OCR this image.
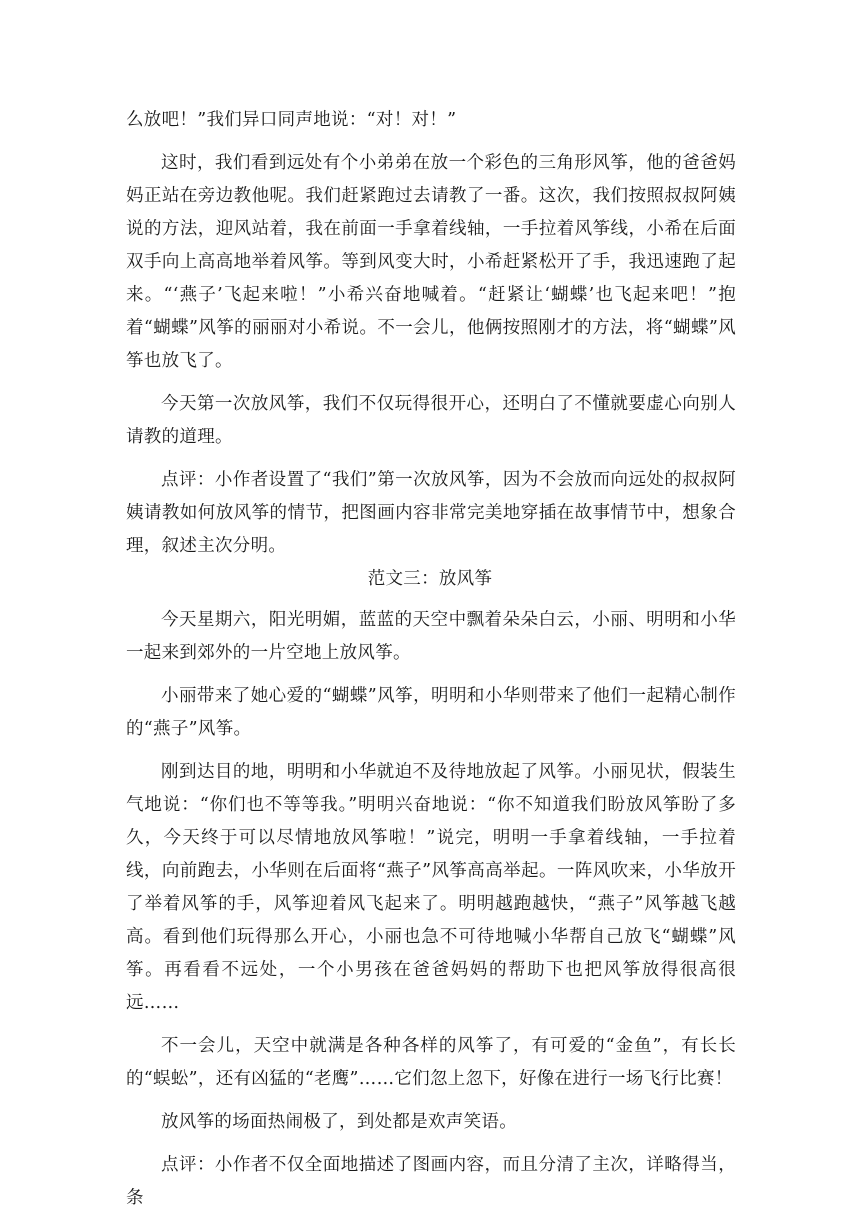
么放吧！”我们异口同声地说：“对！对！”

这时，我们看到远处有个小弟弟在放一个彩色的三角形风筝，他的爸爸妈妈正站在旁边教他呢。我们赶紧跑过去请教了一番。这次，我们按照叔叔阿姨说的方法，迎风站着，我在前面一手拿着线轴，一手拉着风筝线，小希在后面双手向上高高地举着风筝。等到风变大时，小希赶紧松开了手，我迅速跑了起来。“‘燕子’飞起来啦！”小希兴奋地喊着。“赶紧让‘蝴蝶’也飞起来吧！”抱着“蝴蝶”风筝的丽丽对小希说。不一会儿，他俩按照刚才的方法，将“蝴蝶”风筝也放飞了。

今天第一次放风筝，我们不仅玩得很开心，还明白了不懂就要虚心向别人请教的道理。

点评：小作者设置了“我们”第一次放风筝，因为不会放而向远处的叔叔阿姨请教如何放风筝的情节，把图画内容非常完美地穿插在故事情节中，想象合理，叙述主次分明。

范文三：放风筝

今天星期六，阳光明媚，蓝蓝的天空中飘着朵朵白云，小丽、明明和小华一起来到郊外的一片空地上放风筝。

小丽带来了她心爱的“蝴蝶”风筝，明明和小华则带来了他们一起精心制作的“燕子”风筝。

刚到达目的地，明明和小华就迫不及待地放起了风筝。小丽见状，假装生气地说：“你们也不等等我。”明明兴奋地说：“你不知道我们盼放风筝盼了多久，今天终于可以尽情地放风筝啦！”说完，明明一手拿着线轴，一手拉着线，向前跑去，小华则在后面将“燕子”风筝高高举起。一阵风吹来，小华放开了举着风筝的手，风筝迎着风飞起来了。明明越跑越快，“燕子”风筝越飞越高。看到他们玩得那么开心，小丽也急不可待地喊小华帮自己放飞“蝴蝶”风筝。再看看不远处，一个小男孩在爸爸妈妈的帮助下也把风筝放得很高很远……

不一会儿，天空中就满是各种各样的风筝了，有可爱的“金鱼”，有长长的“蜈蚣”，还有凶猛的“老鹰”……它们忽上忽下，好像在进行一场飞行比赛！

放风筝的场面热闹极了，到处都是欢声笑语。

点评：小作者不仅全面地描述了图画内容，而且分清了主次，详略得当，条
